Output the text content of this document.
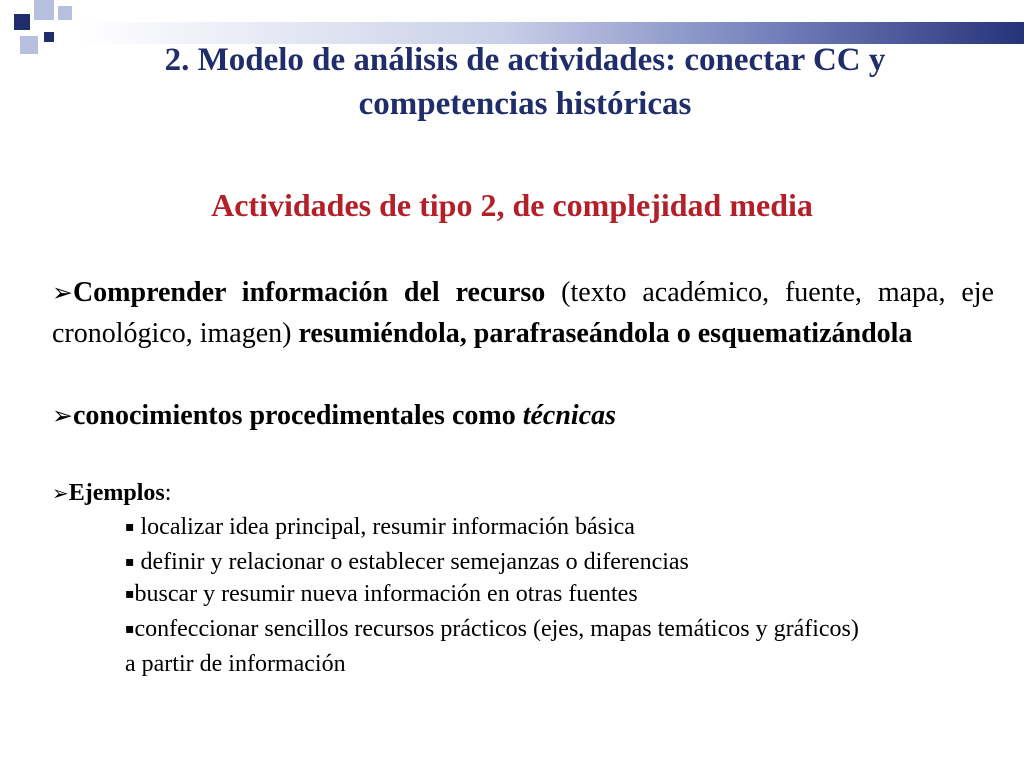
2. Modelo de análisis de actividades: conectar CC y
competencias históricas
Actividades de tipo 2, de complejidad media
➢Comprender información del recurso (texto académico, fuente, mapa, eje cronológico, imagen) resumiéndola, parafraseándola o esquematizándola
➢conocimientos procedimentales como técnicas
➢Ejemplos:
▪ localizar idea principal, resumir información básica
▪ definir y relacionar o establecer semejanzas o diferencias
▪buscar y resumir nueva información en otras fuentes
▪confeccionar sencillos recursos prácticos (ejes, mapas temáticos y gráficos)
a partir de información
